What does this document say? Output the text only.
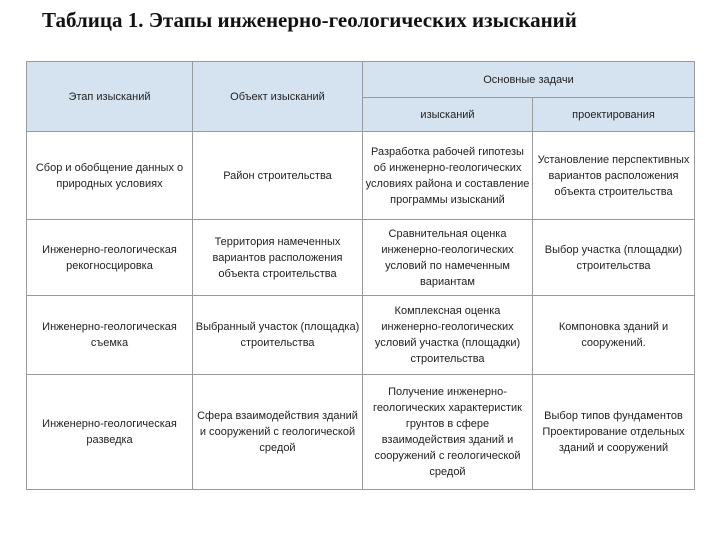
Таблица 1. Этапы инженерно-геологических изысканий
Этап изысканий	Объект изысканий	Основные задачи	
		изысканий	проектирования
Сбор и обобщение данных о природных условиях	Район строительства	Разработка рабочей гипотезы об инженерно-геологических условиях района и составление программы изысканий	Установление перспективных вариантов расположения объекта строительства
Инженерно-геологическая рекогносцировка	Территория намеченных вариантов расположения объекта строительства	Сравнительная оценка инженерно-геологических условий по намеченным вариантам	Выбор участка (площадки) строительства
Инженерно-геологическая съемка	Выбранный участок (площадка) строительства	Комплексная оценка инженерно-геологических условий участка (площадки) строительства	Компоновка зданий и сооружений.
Инженерно-геологическая разведка	Сфера взаимодействия зданий и сооружений с геологической средой	Получение инженерно-геологических характеристик грунтов в сфере взаимодействия зданий и сооружений с геологической средой	Выбор типов фундаментов Проектирование отдельных зданий и сооружений
